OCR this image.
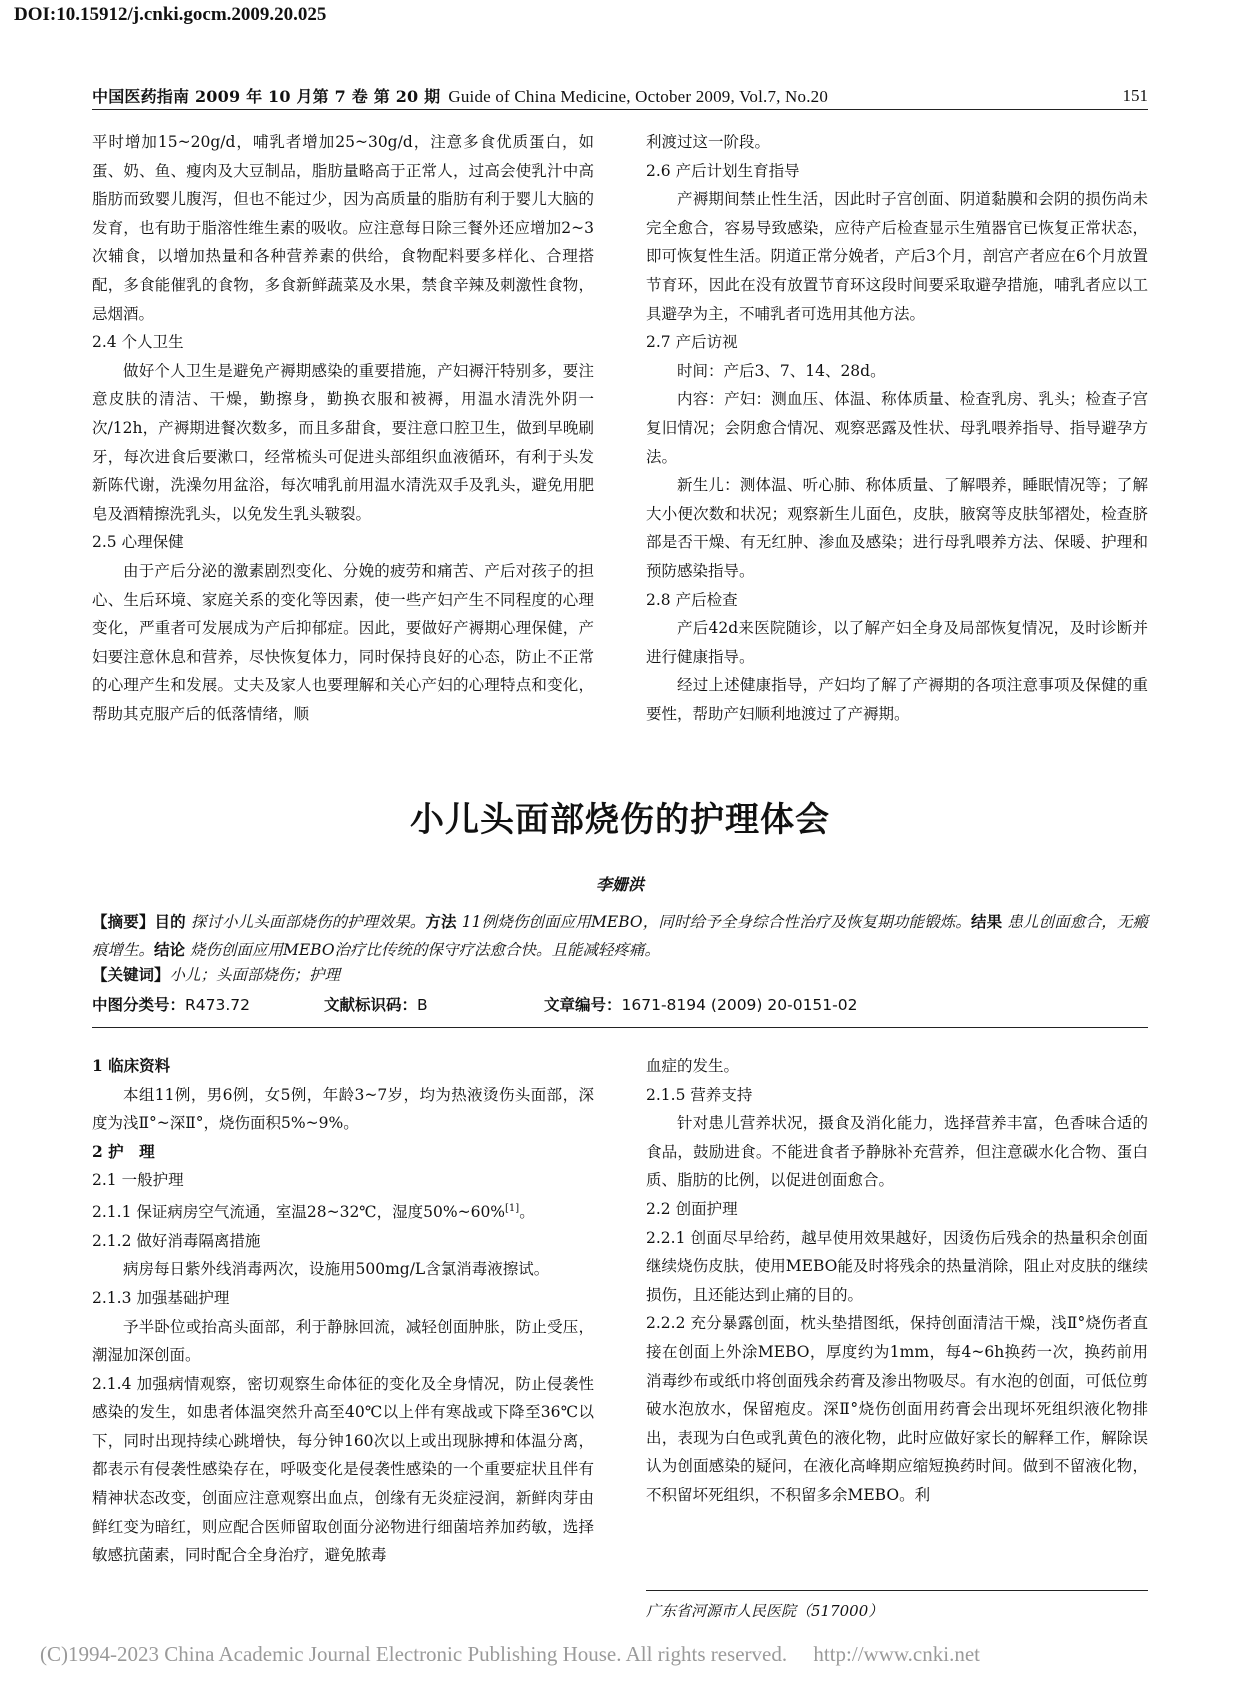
DOI:10.15912/j.cnki.gocm.2009.20.025
中国医药指南 2009 年 10 月第 7 卷 第 20 期 Guide of China Medicine, October 2009, Vol.7, No.20	151

平时增加15~20g/d，哺乳者增加25~30g/d，注意多食优质蛋白，如蛋、奶、鱼、瘦肉及大豆制品，脂肪量略高于正常人，过高会使乳汁中高脂肪而致婴儿腹泻，但也不能过少，因为高质量的脂肪有利于婴儿大脑的发育，也有助于脂溶性维生素的吸收。应注意每日除三餐外还应增加2~3次辅食，以增加热量和各种营养素的供给，食物配料要多样化、合理搭配，多食能催乳的食物，多食新鲜蔬菜及水果，禁食辛辣及刺激性食物，忌烟酒。

2.4 个人卫生

做好个人卫生是避免产褥期感染的重要措施，产妇褥汗特别多，要注意皮肤的清洁、干燥，勤擦身，勤换衣服和被褥，用温水清洗外阴一次/12h，产褥期进餐次数多，而且多甜食，要注意口腔卫生，做到早晚刷牙，每次进食后要漱口，经常梳头可促进头部组织血液循环，有利于头发新陈代谢，洗澡勿用盆浴，每次哺乳前用温水清洗双手及乳头，避免用肥皂及酒精擦洗乳头，以免发生乳头皲裂。

2.5 心理保健

由于产后分泌的激素剧烈变化、分娩的疲劳和痛苦、产后对孩子的担心、生后环境、家庭关系的变化等因素，使一些产妇产生不同程度的心理变化，严重者可发展成为产后抑郁症。因此，要做好产褥期心理保健，产妇要注意休息和营养，尽快恢复体力，同时保持良好的心态，防止不正常的心理产生和发展。丈夫及家人也要理解和关心产妇的心理特点和变化，帮助其克服产后的低落情绪，顺

利渡过这一阶段。

2.6 产后计划生育指导

产褥期间禁止性生活，因此时子宫创面、阴道黏膜和会阴的损伤尚未完全愈合，容易导致感染，应待产后检查显示生殖器官已恢复正常状态，即可恢复性生活。阴道正常分娩者，产后3个月，剖宫产者应在6个月放置节育环，因此在没有放置节育环这段时间要采取避孕措施，哺乳者应以工具避孕为主，不哺乳者可选用其他方法。

2.7 产后访视

时间：产后3、7、14、28d。

内容：产妇：测血压、体温、称体质量、检查乳房、乳头；检查子宫复旧情况；会阴愈合情况、观察恶露及性状、母乳喂养指导、指导避孕方法。

新生儿：测体温、听心肺、称体质量、了解喂养，睡眠情况等；了解大小便次数和状况；观察新生儿面色，皮肤，腋窝等皮肤邹褶处，检查脐部是否干燥、有无红肿、渗血及感染；进行母乳喂养方法、保暖、护理和预防感染指导。

2.8 产后检查

产后42d来医院随诊，以了解产妇全身及局部恢复情况，及时诊断并进行健康指导。

经过上述健康指导，产妇均了解了产褥期的各项注意事项及保健的重要性，帮助产妇顺利地渡过了产褥期。

小儿头面部烧伤的护理体会
李姗洪
【摘要】目的 探讨小儿头面部烧伤的护理效果。方法 11例烧伤创面应用MEBO，同时给予全身综合性治疗及恢复期功能锻炼。结果 患儿创面愈合，无瘢痕增生。结论 烧伤创面应用MEBO治疗比传统的保守疗法愈合快。且能减轻疼痛。
【关键词】小儿；头面部烧伤；护理
中图分类号：R473.72	文献标识码：B	文章编号：1671-8194 (2009) 20-0151-02
1 临床资料

本组11例，男6例，女5例，年龄3~7岁，均为热液烫伤头面部，深度为浅Ⅱ°~深Ⅱ°，烧伤面积5%~9%。

2 护　理
2.1 一般护理

2.1.1 保证病房空气流通，室温28~32℃，湿度50%~60%[1]。

2.1.2 做好消毒隔离措施

病房每日紫外线消毒两次，设施用500mg/L含氯消毒液擦试。

2.1.3 加强基础护理

予半卧位或抬高头面部，利于静脉回流，减轻创面肿胀，防止受压，潮湿加深创面。

2.1.4 加强病情观察，密切观察生命体征的变化及全身情况，防止侵袭性感染的发生，如患者体温突然升高至40℃以上伴有寒战或下降至36℃以下，同时出现持续心跳增快，每分钟160次以上或出现脉搏和体温分离，都表示有侵袭性感染存在，呼吸变化是侵袭性感染的一个重要症状且伴有精神状态改变，创面应注意观察出血点，创缘有无炎症浸润，新鲜肉芽由鲜红变为暗红，则应配合医师留取创面分泌物进行细菌培养加药敏，选择敏感抗菌素，同时配合全身治疗，避免脓毒

血症的发生。

2.1.5 营养支持

针对患儿营养状况，摄食及消化能力，选择营养丰富，色香味合适的食品，鼓励进食。不能进食者予静脉补充营养，但注意碳水化合物、蛋白质、脂肪的比例，以促进创面愈合。

2.2 创面护理

2.2.1 创面尽早给药，越早使用效果越好，因烫伤后残余的热量积余创面继续烧伤皮肤，使用MEBO能及时将残余的热量消除，阻止对皮肤的继续损伤，且还能达到止痛的目的。

2.2.2 充分暴露创面，枕头垫措图纸，保持创面清洁干燥，浅Ⅱ°烧伤者直接在创面上外涂MEBO，厚度约为1mm，每4~6h换药一次，换药前用消毒纱布或纸巾将创面残余药膏及渗出物吸尽。有水泡的创面，可低位剪破水泡放水，保留疱皮。深Ⅱ°烧伤创面用药膏会出现坏死组织液化物排出，表现为白色或乳黄色的液化物，此时应做好家长的解释工作，解除误认为创面感染的疑问，在液化高峰期应缩短换药时间。做到不留液化物，不积留坏死组织，不积留多余MEBO。利

广东省河源市人民医院（517000）
(C)1994-2023 China Academic Journal Electronic Publishing House. All rights reserved.　 http://www.cnki.net
